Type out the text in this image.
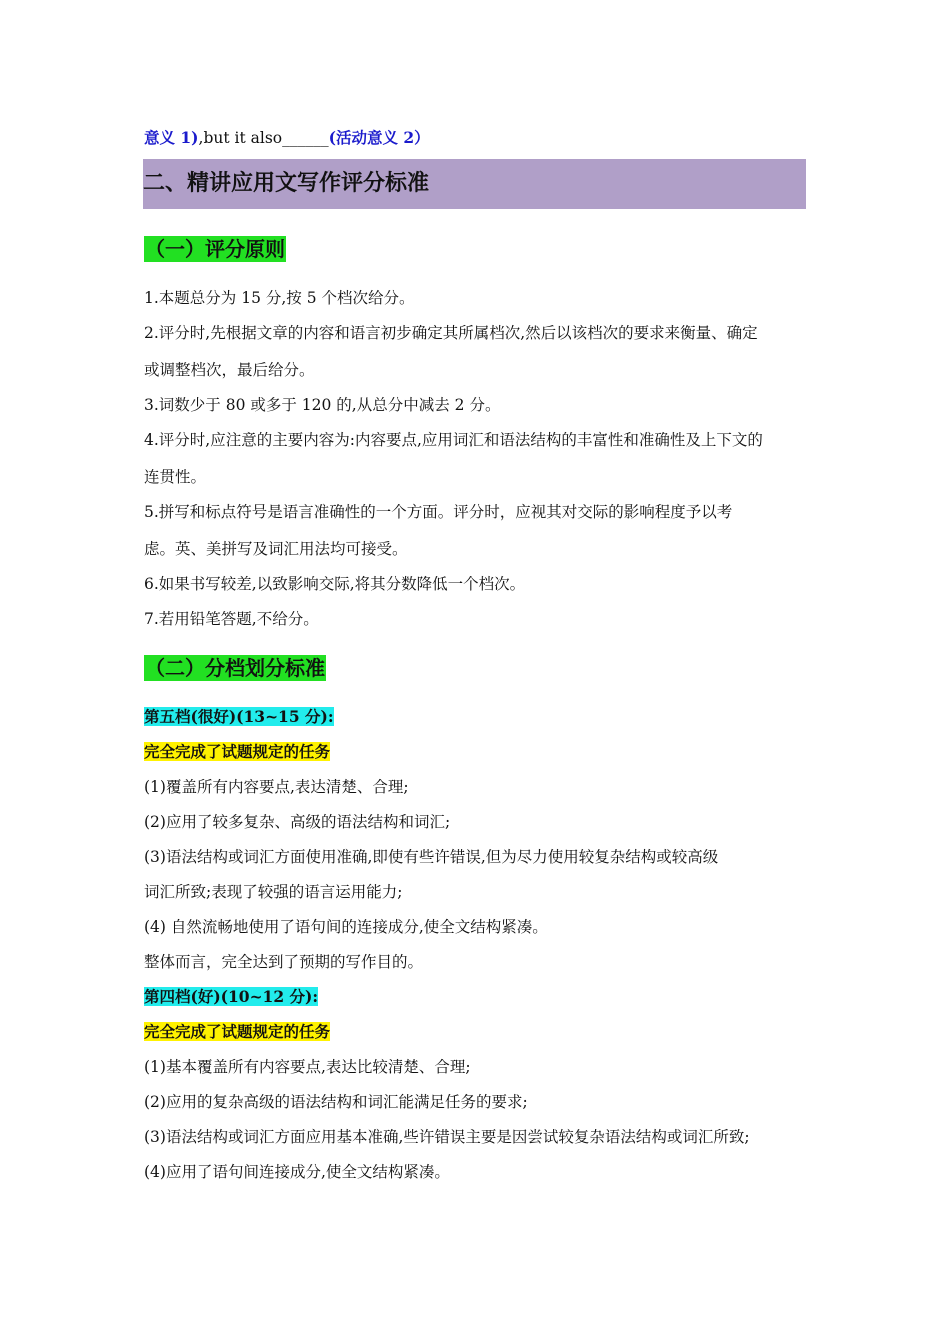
意义 1),but it also______(活动意义 2）
二、精讲应用文写作评分标准
（一）评分原则
1.本题总分为 15 分,按 5 个档次给分。
2.评分时,先根据文章的内容和语言初步确定其所属档次,然后以该档次的要求来衡量、确定
或调整档次，最后给分。
3.词数少于 80 或多于 120 的,从总分中减去 2 分。
4.评分时,应注意的主要内容为:内容要点,应用词汇和语法结构的丰富性和准确性及上下文的
连贯性。
5.拼写和标点符号是语言准确性的一个方面。评分时，应视其对交际的影响程度予以考
虑。英、美拼写及词汇用法均可接受。
6.如果书写较差,以致影响交际,将其分数降低一个档次。
7.若用铅笔答题,不给分。
（二）分档划分标准
第五档(很好)(13~15 分):
完全完成了试题规定的任务
(1)覆盖所有内容要点,表达清楚、合理;
(2)应用了较多复杂、高级的语法结构和词汇;
(3)语法结构或词汇方面使用准确,即使有些许错误,但为尽力使用较复杂结构或较高级
词汇所致;表现了较强的语言运用能力;
(4) 自然流畅地使用了语句间的连接成分,使全文结构紧凑。
整体而言，完全达到了预期的写作目的。
第四档(好)(10~12 分):
完全完成了试题规定的任务
(1)基本覆盖所有内容要点,表达比较清楚、合理;
(2)应用的复杂高级的语法结构和词汇能满足任务的要求;
(3)语法结构或词汇方面应用基本准确,些许错误主要是因尝试较复杂语法结构或词汇所致;
(4)应用了语句间连接成分,使全文结构紧凑。
